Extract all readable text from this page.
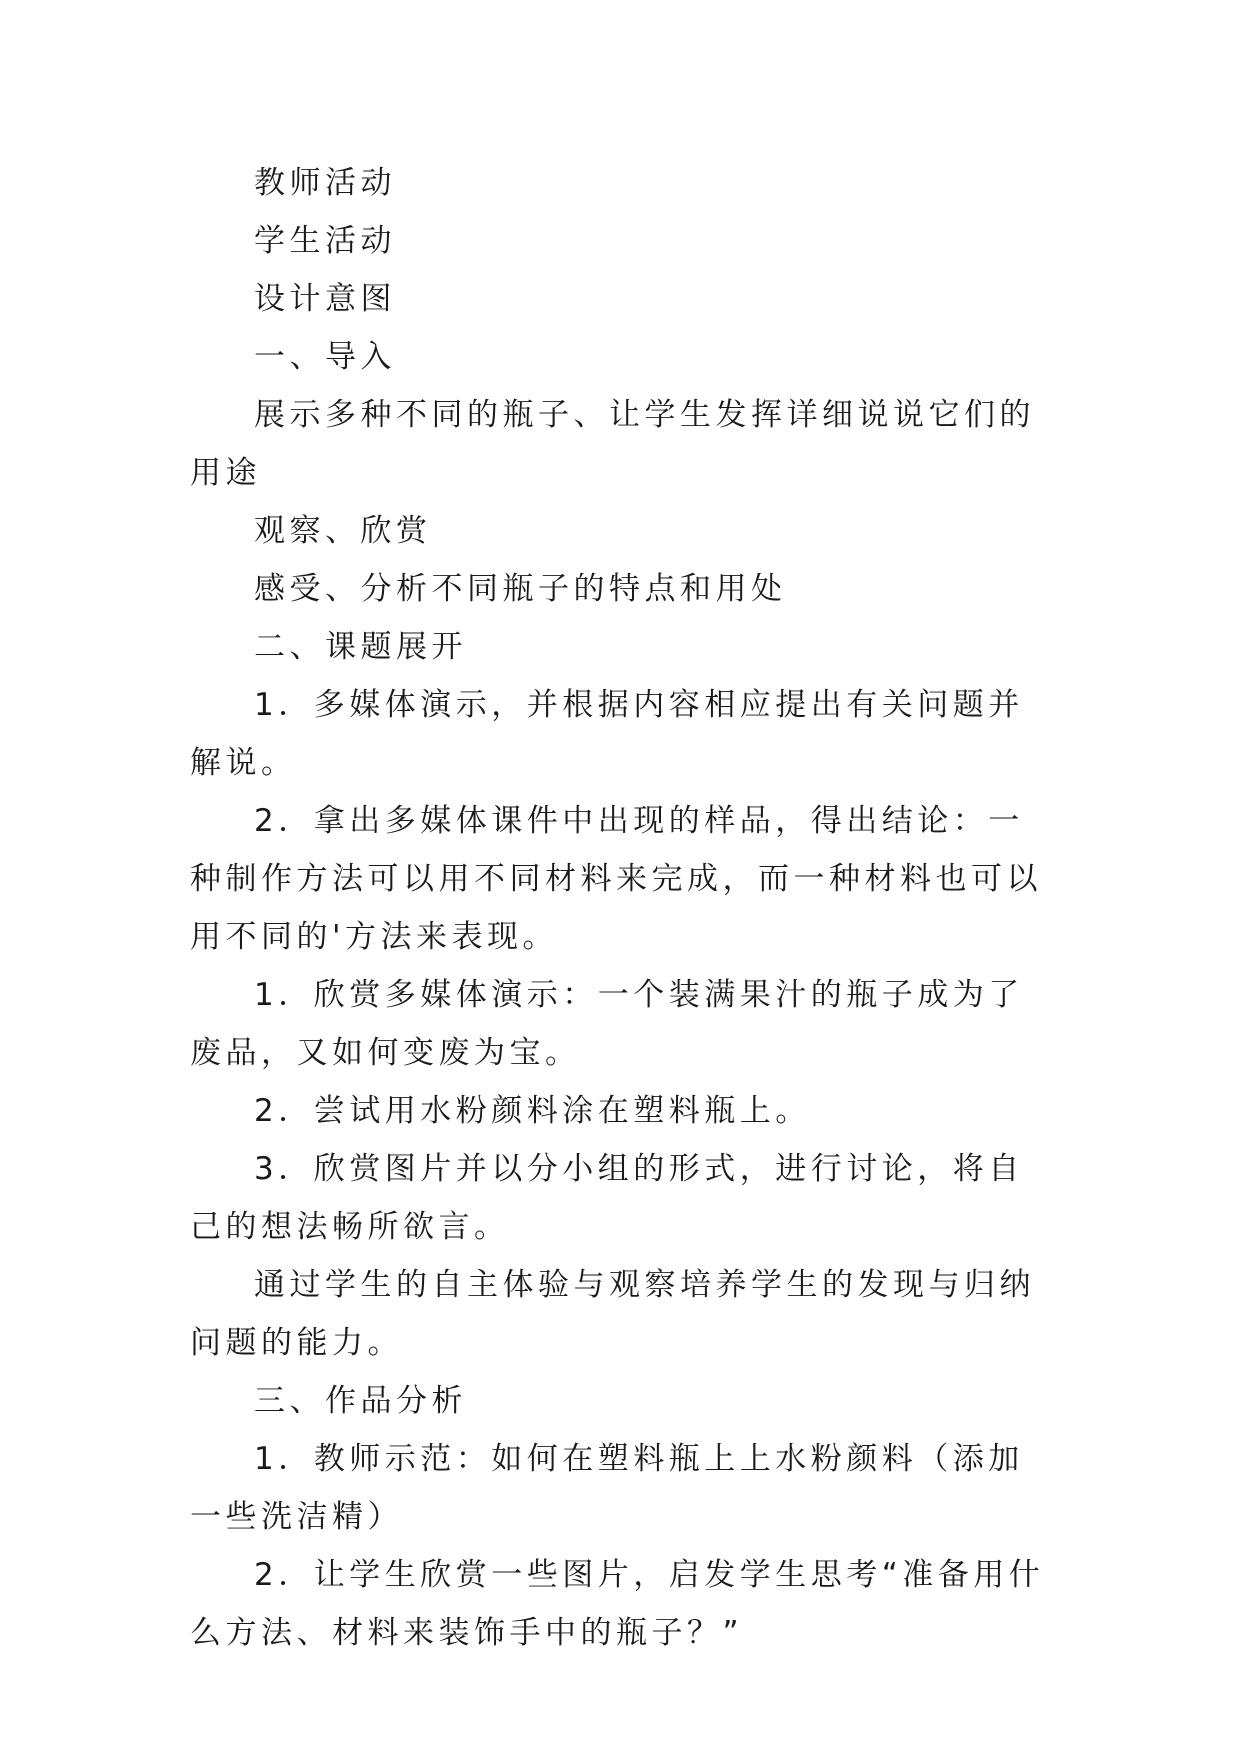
教师活动

学生活动

设计意图

一、导入

展示多种不同的瓶子、让学生发挥详细说说它们的用途

观察、欣赏

感受、分析不同瓶子的特点和用处

二、课题展开

1．多媒体演示，并根据内容相应提出有关问题并解说。

2．拿出多媒体课件中出现的样品，得出结论：一种制作方法可以用不同材料来完成，而一种材料也可以用不同的'方法来表现。

1．欣赏多媒体演示：一个装满果汁的瓶子成为了废品，又如何变废为宝。

2．尝试用水粉颜料涂在塑料瓶上。

3．欣赏图片并以分小组的形式，进行讨论，将自己的想法畅所欲言。

通过学生的自主体验与观察培养学生的发现与归纳问题的能力。

三、作品分析

1．教师示范：如何在塑料瓶上上水粉颜料（添加一些洗洁精）

2．让学生欣赏一些图片，启发学生思考“准备用什么方法、材料来装饰手中的瓶子？”
